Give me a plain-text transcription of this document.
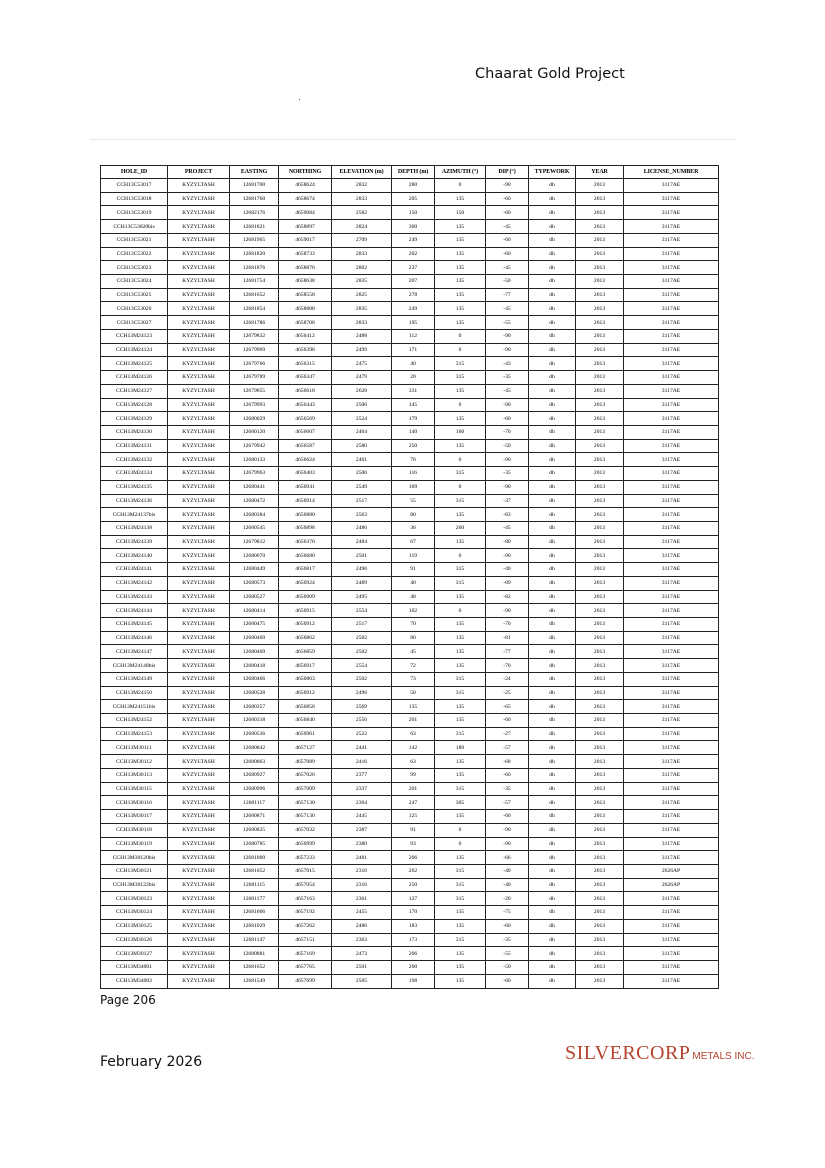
Chaarat Gold Project
HOLE_ID	PROJECT	EASTING	NORTHING	ELEVATION (m)	DEPTH (m)	AZIMUTH (°)	DIP (°)	TYPEWORK	YEAR	LICENSE_NUMBER
CCH13C53017	KYZYLTASH	12681700	4658624	2832	280	0	-90	dh	2013	3117AE
CCH13C53018	KYZYLTASH	12681760	4658674	2833	205	135	-60	dh	2013	3117AE
CCH13C53019	KYZYLTASH	12682176	4659084	2582	150	150	-60	dh	2013	3117AE
CCH13C53020bis	KYZYLTASH	12681821	4658897	2824	300	135	-45	dh	2013	3117AE
CCH13C53021	KYZYLTASH	12681965	4659017	2709	249	135	-60	dh	2013	3117AE
CCH13C53022	KYZYLTASH	12681820	4658733	2833	202	135	-60	dh	2013	3117AE
CCH13C53023	KYZYLTASH	12681876	4658876	2802	237	135	-45	dh	2013	3117AE
CCH13C53024	KYZYLTASH	12681754	4658638	2835	207	135	-50	dh	2013	3117AE
CCH13C53025	KYZYLTASH	12681652	4658558	2825	278	135	-77	dh	2013	3117AE
CCH13C53026	KYZYLTASH	12681854	4658808	2835	249	135	-45	dh	2013	3117AE
CCH13C53027	KYZYLTASH	12681786	4658708	2833	195	135	-55	dh	2013	3117AE
CCH13M24123	KYZYLTASH	12679832	4656412	2488	112	0	-90	dh	2013	3117AE
CCH13M24124	KYZYLTASH	12679969	4656398	2499	171	0	-90	dh	2013	3117AE
CCH13M24125	KYZYLTASH	12679766	4656315	2475	40	315	-43	dh	2013	3117AE
CCH13M24126	KYZYLTASH	12679789	4656347	2479	20	315	-35	dh	2013	3117AE
CCH13M24127	KYZYLTASH	12679855	4656618	2628	331	135	-45	dh	2013	3117AE
CCH13M24128	KYZYLTASH	12679993	4656443	2506	145	0	-90	dh	2013	3117AE
CCH13M24129	KYZYLTASH	12680029	4656569	2524	179	135	-60	dh	2013	3117AE
CCH13M24130	KYZYLTASH	12680120	4656607	2464	140	160	-70	dh	2013	3117AE
CCH13M24131	KYZYLTASH	12679942	4656587	2580	250	135	-50	dh	2013	3117AE
CCH13M24132	KYZYLTASH	12680133	4656624	2461	76	0	-90	dh	2013	3117AE
CCH13M24134	KYZYLTASH	12679963	4656403	2500	116	315	-35	dh	2013	3117AE
CCH13M24135	KYZYLTASH	12680441	4656941	2549	109	0	-90	dh	2013	3117AE
CCH13M24136	KYZYLTASH	12680472	4656914	2517	55	315	-37	dh	2013	3117AE
CCH13M24137bis	KYZYLTASH	12680384	4656880	2563	80	135	-83	dh	2013	3117AE
CCH13M24138	KYZYLTASH	12680545	4656898	2486	36	260	-45	dh	2013	3117AE
CCH13M24139	KYZYLTASH	12679812	4656376	2484	67	135	-80	dh	2013	3117AE
CCH13M24140	KYZYLTASH	12680070	4656680	2501	119	0	-90	dh	2013	3117AE
CCH13M24141	KYZYLTASH	12680449	4656817	2496	91	315	-40	dh	2013	3117AE
CCH13M24142	KYZYLTASH	12680573	4656924	2489	40	315	-89	dh	2013	3117AE
CCH13M24143	KYZYLTASH	12680527	4656909	2495	48	135	-82	dh	2013	3117AE
CCH13M24144	KYZYLTASH	12680414	4656915	2554	102	0	-90	dh	2013	3117AE
CCH13M24145	KYZYLTASH	12680475	4656912	2517	70	135	-70	dh	2013	3117AE
CCH13M24146	KYZYLTASH	12680469	4656862	2502	80	135	-81	dh	2013	3117AE
CCH13M24147	KYZYLTASH	12680469	4656859	2502	45	135	-77	dh	2013	3117AE
CCH13M24148bis	KYZYLTASH	12680418	4656917	2554	72	135	-70	dh	2013	3117AE
CCH13M24149	KYZYLTASH	12680466	4656863	2502	73	315	-24	dh	2013	3117AE
CCH13M24150	KYZYLTASH	12680528	4656912	2496	50	315	-25	dh	2013	3117AE
CCH13M24151bis	KYZYLTASH	12680357	4656858	2569	135	135	-65	dh	2013	3117AE
CCH13M24152	KYZYLTASH	12680318	4656840	2556	201	135	-60	dh	2013	3117AE
CCH13M24153	KYZYLTASH	12680536	4656961	2522	63	315	-27	dh	2013	3117AE
CCH13M30111	KYZYLTASH	12680842	4657127	2441	142	180	-57	dh	2013	3117AE
CCH13M30112	KYZYLTASH	12680863	4657089	2416	63	135	-68	dh	2013	3117AE
CCH13M30113	KYZYLTASH	12680927	4657026	2377	99	135	-60	dh	2013	3117AE
CCH13M30115	KYZYLTASH	12680996	4657009	2337	201	315	-35	dh	2013	3117AE
CCH13M30116	KYZYLTASH	12681117	4657130	2364	247	305	-57	dh	2013	3117AE
CCH13M30117	KYZYLTASH	12680871	4657130	2445	125	135	-60	dh	2013	3117AE
CCH13M30118	KYZYLTASH	12680825	4657032	2387	91	0	-90	dh	2013	3117AE
CCH13M30119	KYZYLTASH	12680785	4656999	2380	93	0	-90	dh	2013	3117AE
CCH13M30120bis	KYZYLTASH	12681000	4657233	2481	206	135	-66	dh	2013	3117AE
CCH13M30121	KYZYLTASH	12681052	4657015	2316	262	315	-40	dh	2013	2626AP
CCH13M30122bis	KYZYLTASH	12681115	4657054	2316	250	315	-40	dh	2013	2626AP
CCH13M30123	KYZYLTASH	12681177	4657163	2361	127	315	-20	dh	2013	3117AE
CCH13M30124	KYZYLTASH	12681006	4657192	2455	170	135	-75	dh	2013	3117AE
CCH13M30125	KYZYLTASH	12681029	4657262	2486	183	135	-60	dh	2013	3117AE
CCH13M30126	KYZYLTASH	12681147	4657151	2363	173	315	-35	dh	2013	3117AE
CCH13M30127	KYZYLTASH	12680881	4657169	2473	206	135	-55	dh	2013	3117AE
CCH13M34001	KYZYLTASH	12681652	4657765	2501	200	135	-50	dh	2013	3117AE
CCH13M34002	KYZYLTASH	12681549	4657699	2505	198	135	-60	dh	2013	3117AE
Page 206
February 2026	SILVERCORP METALS INC.
